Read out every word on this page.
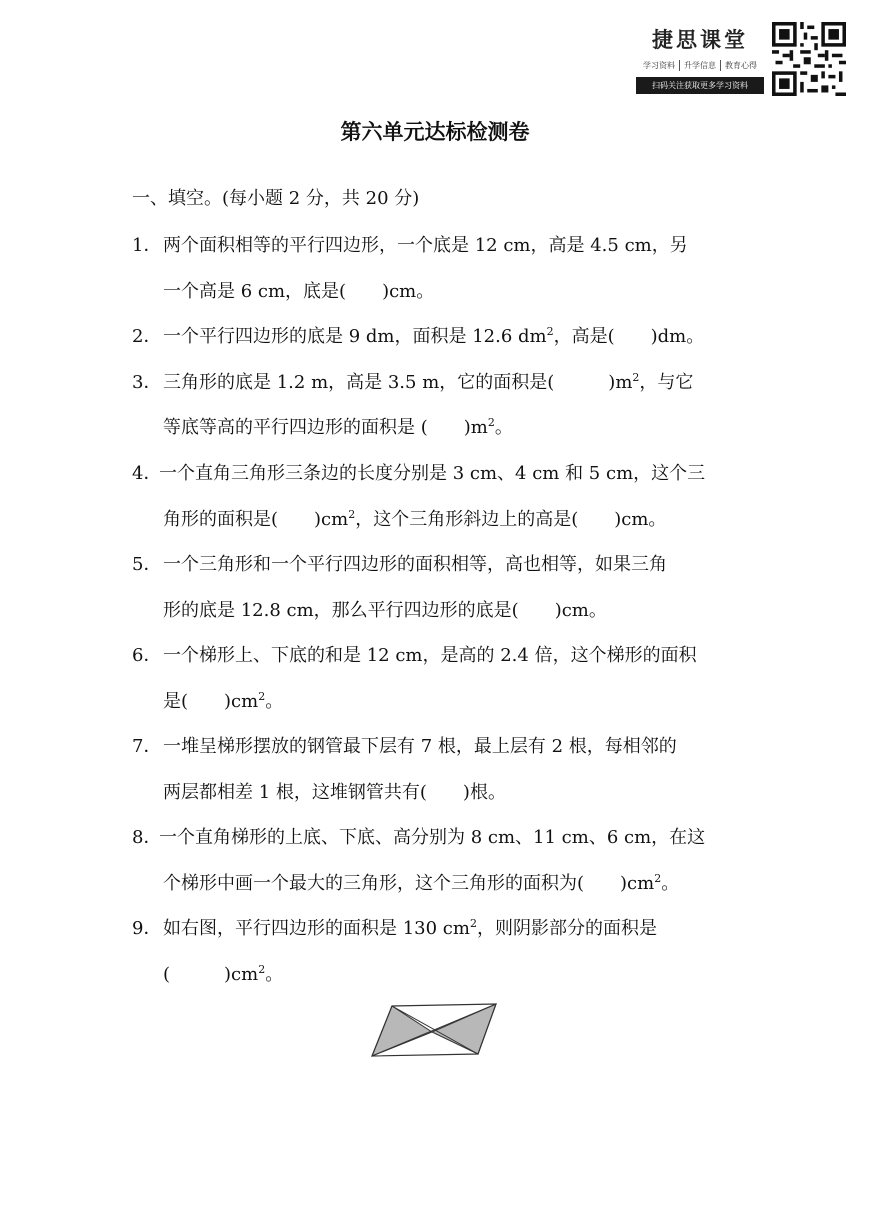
捷思课堂
学习资料	升学信息	教育心得
扫码关注获取更多学习资料
第六单元达标检测卷
一、填空。(每小题 2 分，共 20 分)
1． 两个面积相等的平行四边形，一个底是 12 cm，高是 4.5 cm，另
一个高是 6 cm，底是(　　)cm。
2． 一个平行四边形的底是 9 dm，面积是 12.6 $dm^2$，高是(　　)dm。
3． 三角形的底是 1.2 m，高是 3.5 m，它的面积是(　　　)$m^2$，与它
等底等高的平行四边形的面积是 (　　)$m^2$。
4．
一个直角三角形三条边的长度分别是 3 cm、4 cm 和 5 cm，这个三
角形的面积是(　　)$cm^2$，这个三角形斜边上的高是(　　)cm。
5． 一个三角形和一个平行四边形的面积相等，高也相等，如果三角
形的底是 12.8 cm，那么平行四边形的底是(　　)cm。
6． 一个梯形上、下底的和是 12 cm，是高的 2.4 倍，这个梯形的面积
是(　　)$cm^2$。
7． 一堆呈梯形摆放的钢管最下层有 7 根，最上层有 2 根，每相邻的
两层都相差 1 根，这堆钢管共有(　　)根。
8．
一个直角梯形的上底、下底、高分别为 8 cm、11 cm、6 cm，在这
个梯形中画一个最大的三角形，这个三角形的面积为(　　)$cm^2$。
9． 如右图，平行四边形的面积是 130 $cm^2$，则阴影部分的面积是
(　　　)$cm^2$。
